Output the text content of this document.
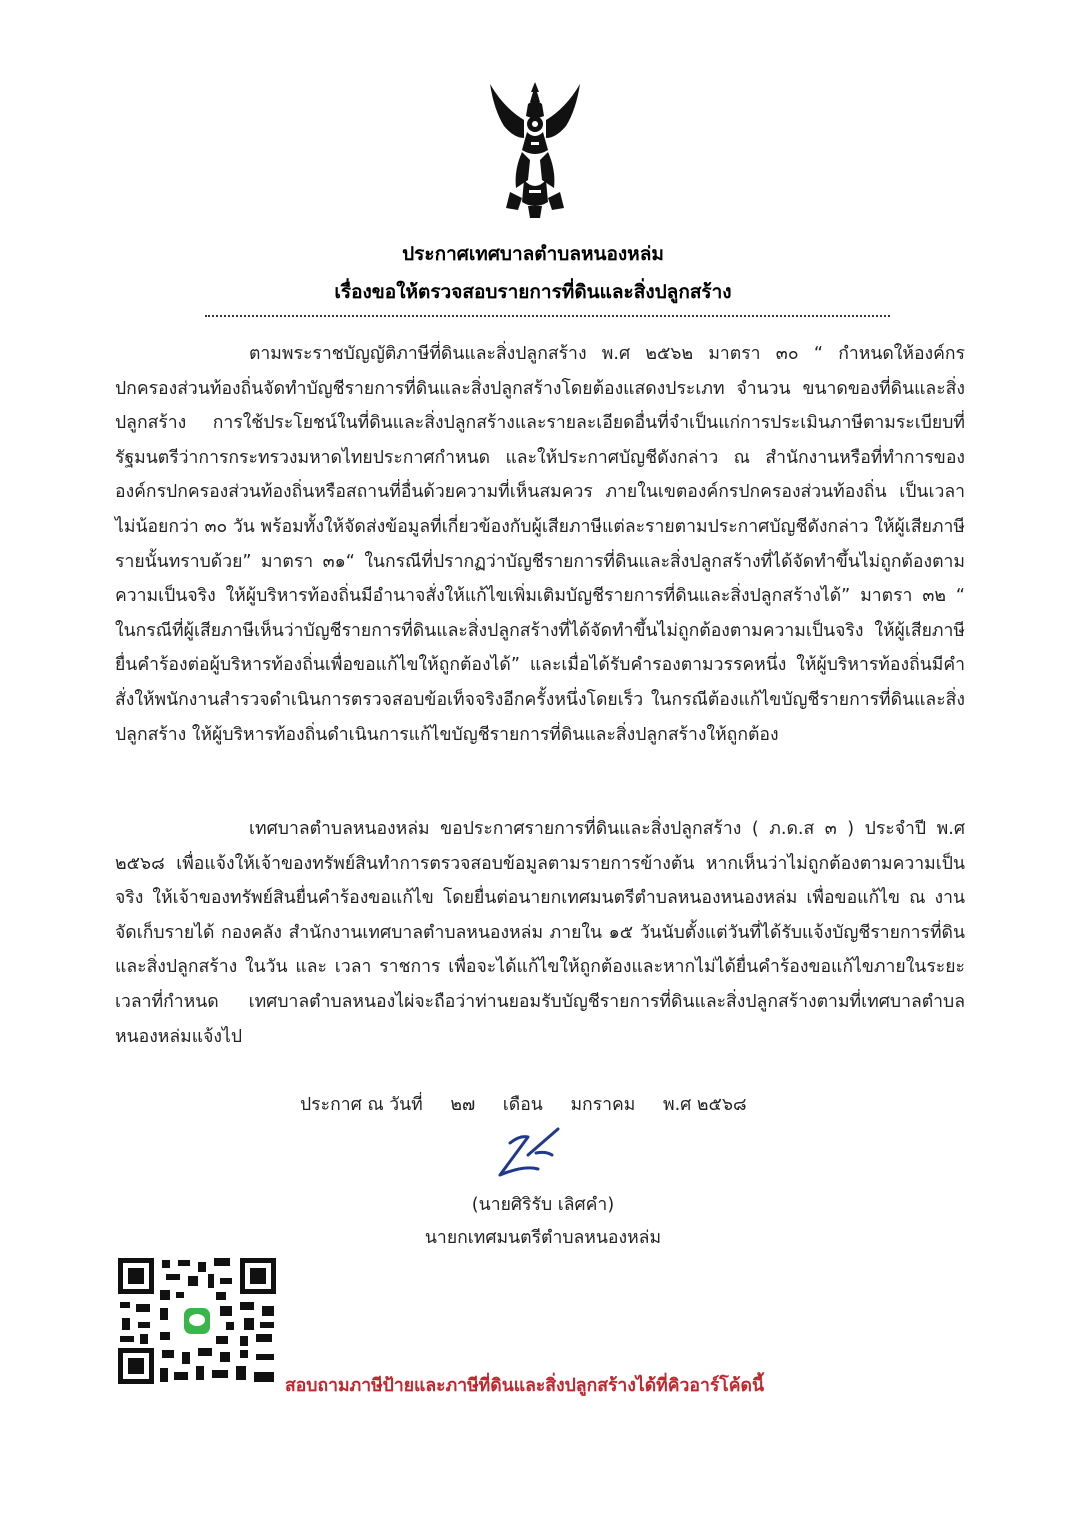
ประกาศเทศบาลตำบลหนองหล่ม
เรื่องขอให้ตรวจสอบรายการที่ดินและสิ่งปลูกสร้าง

ตามพระราชบัญญัติภาษีที่ดินและสิ่งปลูกสร้าง พ.ศ ๒๕๖๒ มาตรา ๓๐ “ กำหนดให้องค์กรปกครองส่วนท้องถิ่นจัดทำบัญชีรายการที่ดินและสิ่งปลูกสร้างโดยต้องแสดงประเภท จำนวน ขนาดของที่ดินและสิ่งปลูกสร้าง การใช้ประโยชน์ในที่ดินและสิ่งปลูกสร้างและรายละเอียดอื่นที่จำเป็นแก่การประเมินภาษีตามระเบียบที่รัฐมนตรีว่าการกระทรวงมหาดไทยประกาศกำหนด และให้ประกาศบัญชีดังกล่าว ณ สำนักงานหรือที่ทำการขององค์กรปกครองส่วนท้องถิ่นหรือสถานที่อื่นด้วยความที่เห็นสมควร ภายในเขตองค์กรปกครองส่วนท้องถิ่น เป็นเวลาไม่น้อยกว่า ๓๐ วัน พร้อมทั้งให้จัดส่งข้อมูลที่เกี่ยวข้องกับผู้เสียภาษีแต่ละรายตามประกาศบัญชีดังกล่าว ให้ผู้เสียภาษีรายนั้นทราบด้วย” มาตรา ๓๑“ ในกรณีที่ปรากฏว่าบัญชีรายการที่ดินและสิ่งปลูกสร้างที่ได้จัดทำขึ้นไม่ถูกต้องตามความเป็นจริง ให้ผู้บริหารท้องถิ่นมีอำนาจสั่งให้แก้ไขเพิ่มเติมบัญชีรายการที่ดินและสิ่งปลูกสร้างได้” มาตรา ๓๒ “ ในกรณีที่ผู้เสียภาษีเห็นว่าบัญชีรายการที่ดินและสิ่งปลูกสร้างที่ได้จัดทำขึ้นไม่ถูกต้องตามความเป็นจริง ให้ผู้เสียภาษียื่นคำร้องต่อผู้บริหารท้องถิ่นเพื่อขอแก้ไขให้ถูกต้องได้” และเมื่อได้รับคำรองตามวรรคหนึ่ง ให้ผู้บริหารท้องถิ่นมีคำสั่งให้พนักงานสำรวจดำเนินการตรวจสอบข้อเท็จจริงอีกครั้งหนึ่งโดยเร็ว ในกรณีต้องแก้ไขบัญชีรายการที่ดินและสิ่งปลูกสร้าง ให้ผู้บริหารท้องถิ่นดำเนินการแก้ไขบัญชีรายการที่ดินและสิ่งปลูกสร้างให้ถูกต้อง

เทศบาลตำบลหนองหล่ม ขอประกาศรายการที่ดินและสิ่งปลูกสร้าง ( ภ.ด.ส ๓ ) ประจำปี พ.ศ ๒๕๖๘ เพื่อแจ้งให้เจ้าของทรัพย์สินทำการตรวจสอบข้อมูลตามรายการข้างต้น หากเห็นว่าไม่ถูกต้องตามความเป็นจริง ให้เจ้าของทรัพย์สินยื่นคำร้องขอแก้ไข โดยยื่นต่อนายกเทศมนตรีตำบลหนองหนองหล่ม เพื่อขอแก้ไข ณ งานจัดเก็บรายได้ กองคลัง สำนักงานเทศบาลตำบลหนองหล่ม ภายใน ๑๕ วันนับตั้งแต่วันที่ได้รับแจ้งบัญชีรายการที่ดินและสิ่งปลูกสร้าง ในวัน และ เวลา ราชการ เพื่อจะได้แก้ไขให้ถูกต้องและหากไม่ได้ยื่นคำร้องขอแก้ไขภายในระยะเวลาที่กำหนด เทศบาลตำบลหนองไผ่จะถือว่าท่านยอมรับบัญชีรายการที่ดินและสิ่งปลูกสร้างตามที่เทศบาลตำบลหนองหล่มแจ้งไป

ประกาศ ณ วันที่ ๒๗ เดือน มกราคม พ.ศ ๒๕๖๘
(นายศิริรับ เลิศคำ)
นายกเทศมนตรีตำบลหนองหล่ม
สอบถามภาษีป้ายและภาษีที่ดินและสิ่งปลูกสร้างได้ที่คิวอาร์โค้ดนี้
